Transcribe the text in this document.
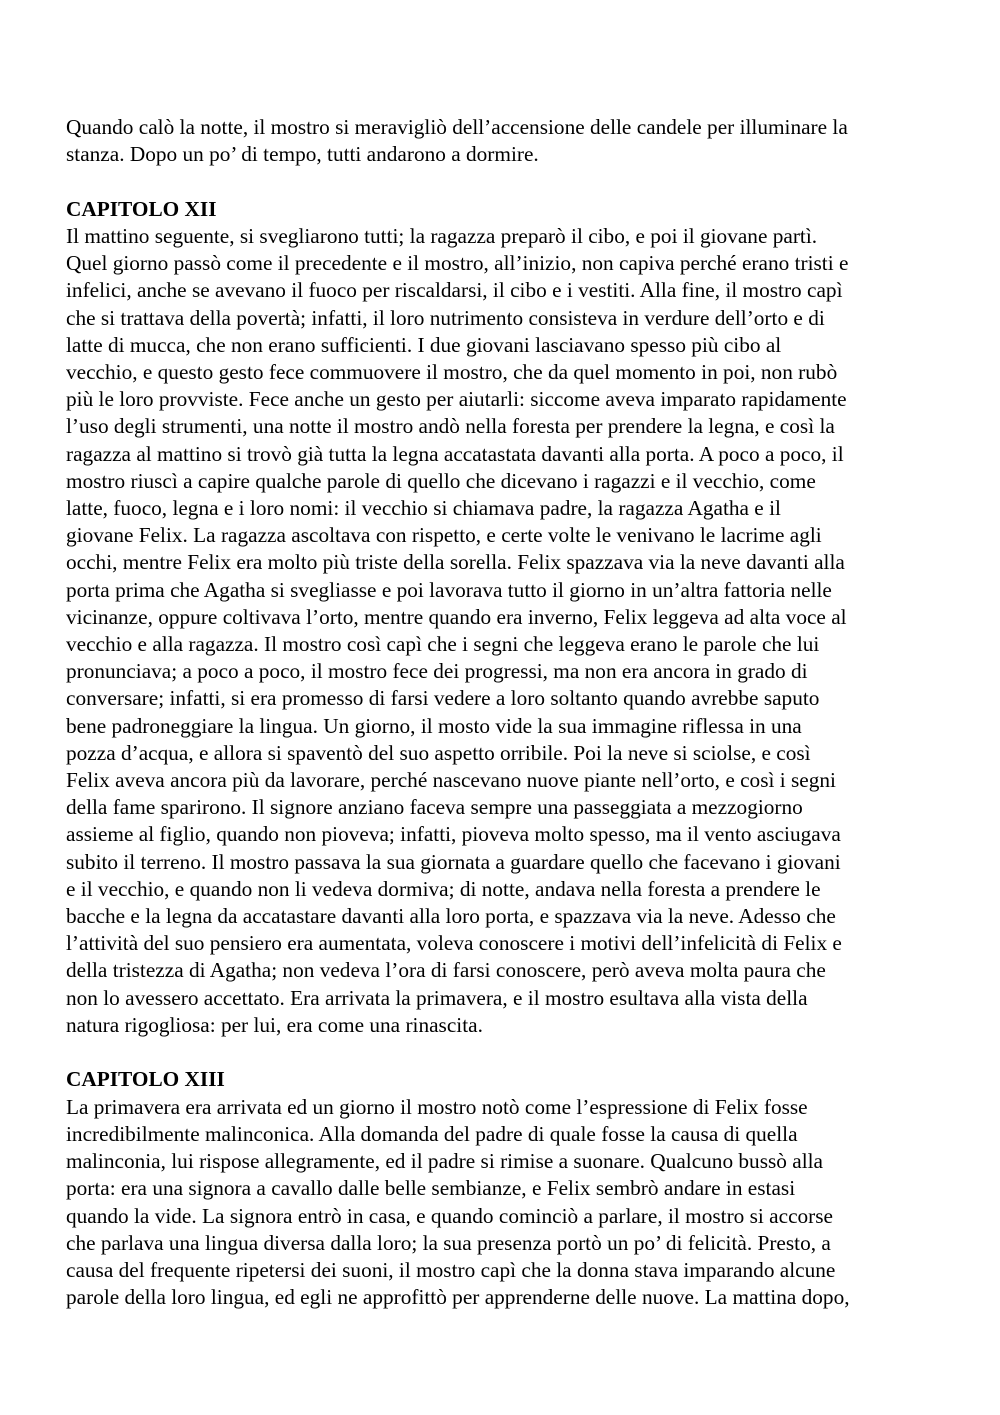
Quando calò la notte, il mostro si meravigliò dell’accensione delle candele per illuminare la
stanza. Dopo un po’ di tempo, tutti andarono a dormire.
CAPITOLO XII
Il mattino seguente, si svegliarono tutti; la ragazza preparò il cibo, e poi il giovane partì.
Quel giorno passò come il precedente e il mostro, all’inizio, non capiva perché erano tristi e
infelici, anche se avevano il fuoco per riscaldarsi, il cibo e i vestiti. Alla fine, il mostro capì
che si trattava della povertà; infatti, il loro nutrimento consisteva in verdure dell’orto e di
latte di mucca, che non erano sufficienti. I due giovani lasciavano spesso più cibo al
vecchio, e questo gesto fece commuovere il mostro, che da quel momento in poi, non rubò
più le loro provviste. Fece anche un gesto per aiutarli: siccome aveva imparato rapidamente
l’uso degli strumenti, una notte il mostro andò nella foresta per prendere la legna, e così la
ragazza al mattino si trovò già tutta la legna accatastata davanti alla porta. A poco a poco, il
mostro riuscì a capire qualche parole di quello che dicevano i ragazzi e il vecchio, come
latte, fuoco, legna e i loro nomi: il vecchio si chiamava padre, la ragazza Agatha e il
giovane Felix. La ragazza ascoltava con rispetto, e certe volte le venivano le lacrime agli
occhi, mentre Felix era molto più triste della sorella. Felix spazzava via la neve davanti alla
porta prima che Agatha si svegliasse e poi lavorava tutto il giorno in un’altra fattoria nelle
vicinanze, oppure coltivava l’orto, mentre quando era inverno, Felix leggeva ad alta voce al
vecchio e alla ragazza. Il mostro così capì che i segni che leggeva erano le parole che lui
pronunciava; a poco a poco, il mostro fece dei progressi, ma non era ancora in grado di
conversare; infatti, si era promesso di farsi vedere a loro soltanto quando avrebbe saputo
bene padroneggiare la lingua. Un giorno, il mosto vide la sua immagine riflessa in una
pozza d’acqua, e allora si spaventò del suo aspetto orribile. Poi la neve si sciolse, e così
Felix aveva ancora più da lavorare, perché nascevano nuove piante nell’orto, e così i segni
della fame sparirono. Il signore anziano faceva sempre una passeggiata a mezzogiorno
assieme al figlio, quando non pioveva; infatti, pioveva molto spesso, ma il vento asciugava
subito il terreno. Il mostro passava la sua giornata a guardare quello che facevano i giovani
e il vecchio, e quando non li vedeva dormiva; di notte, andava nella foresta a prendere le
bacche e la legna da accatastare davanti alla loro porta, e spazzava via la neve. Adesso che
l’attività del suo pensiero era aumentata, voleva conoscere i motivi dell’infelicità di Felix e
della tristezza di Agatha; non vedeva l’ora di farsi conoscere, però aveva molta paura che
non lo avessero accettato. Era arrivata la primavera, e il mostro esultava alla vista della
natura rigogliosa: per lui, era come una rinascita.
CAPITOLO XIII
La primavera era arrivata ed un giorno il mostro notò come l’espressione di Felix fosse
incredibilmente malinconica. Alla domanda del padre di quale fosse la causa di quella
malinconia, lui rispose allegramente, ed il padre si rimise a suonare. Qualcuno bussò alla
porta: era una signora a cavallo dalle belle sembianze, e Felix sembrò andare in estasi
quando la vide. La signora entrò in casa, e quando cominciò a parlare, il mostro si accorse
che parlava una lingua diversa dalla loro; la sua presenza portò un po’ di felicità. Presto, a
causa del frequente ripetersi dei suoni, il mostro capì che la donna stava imparando alcune
parole della loro lingua, ed egli ne approfittò per apprenderne delle nuove. La mattina dopo,
